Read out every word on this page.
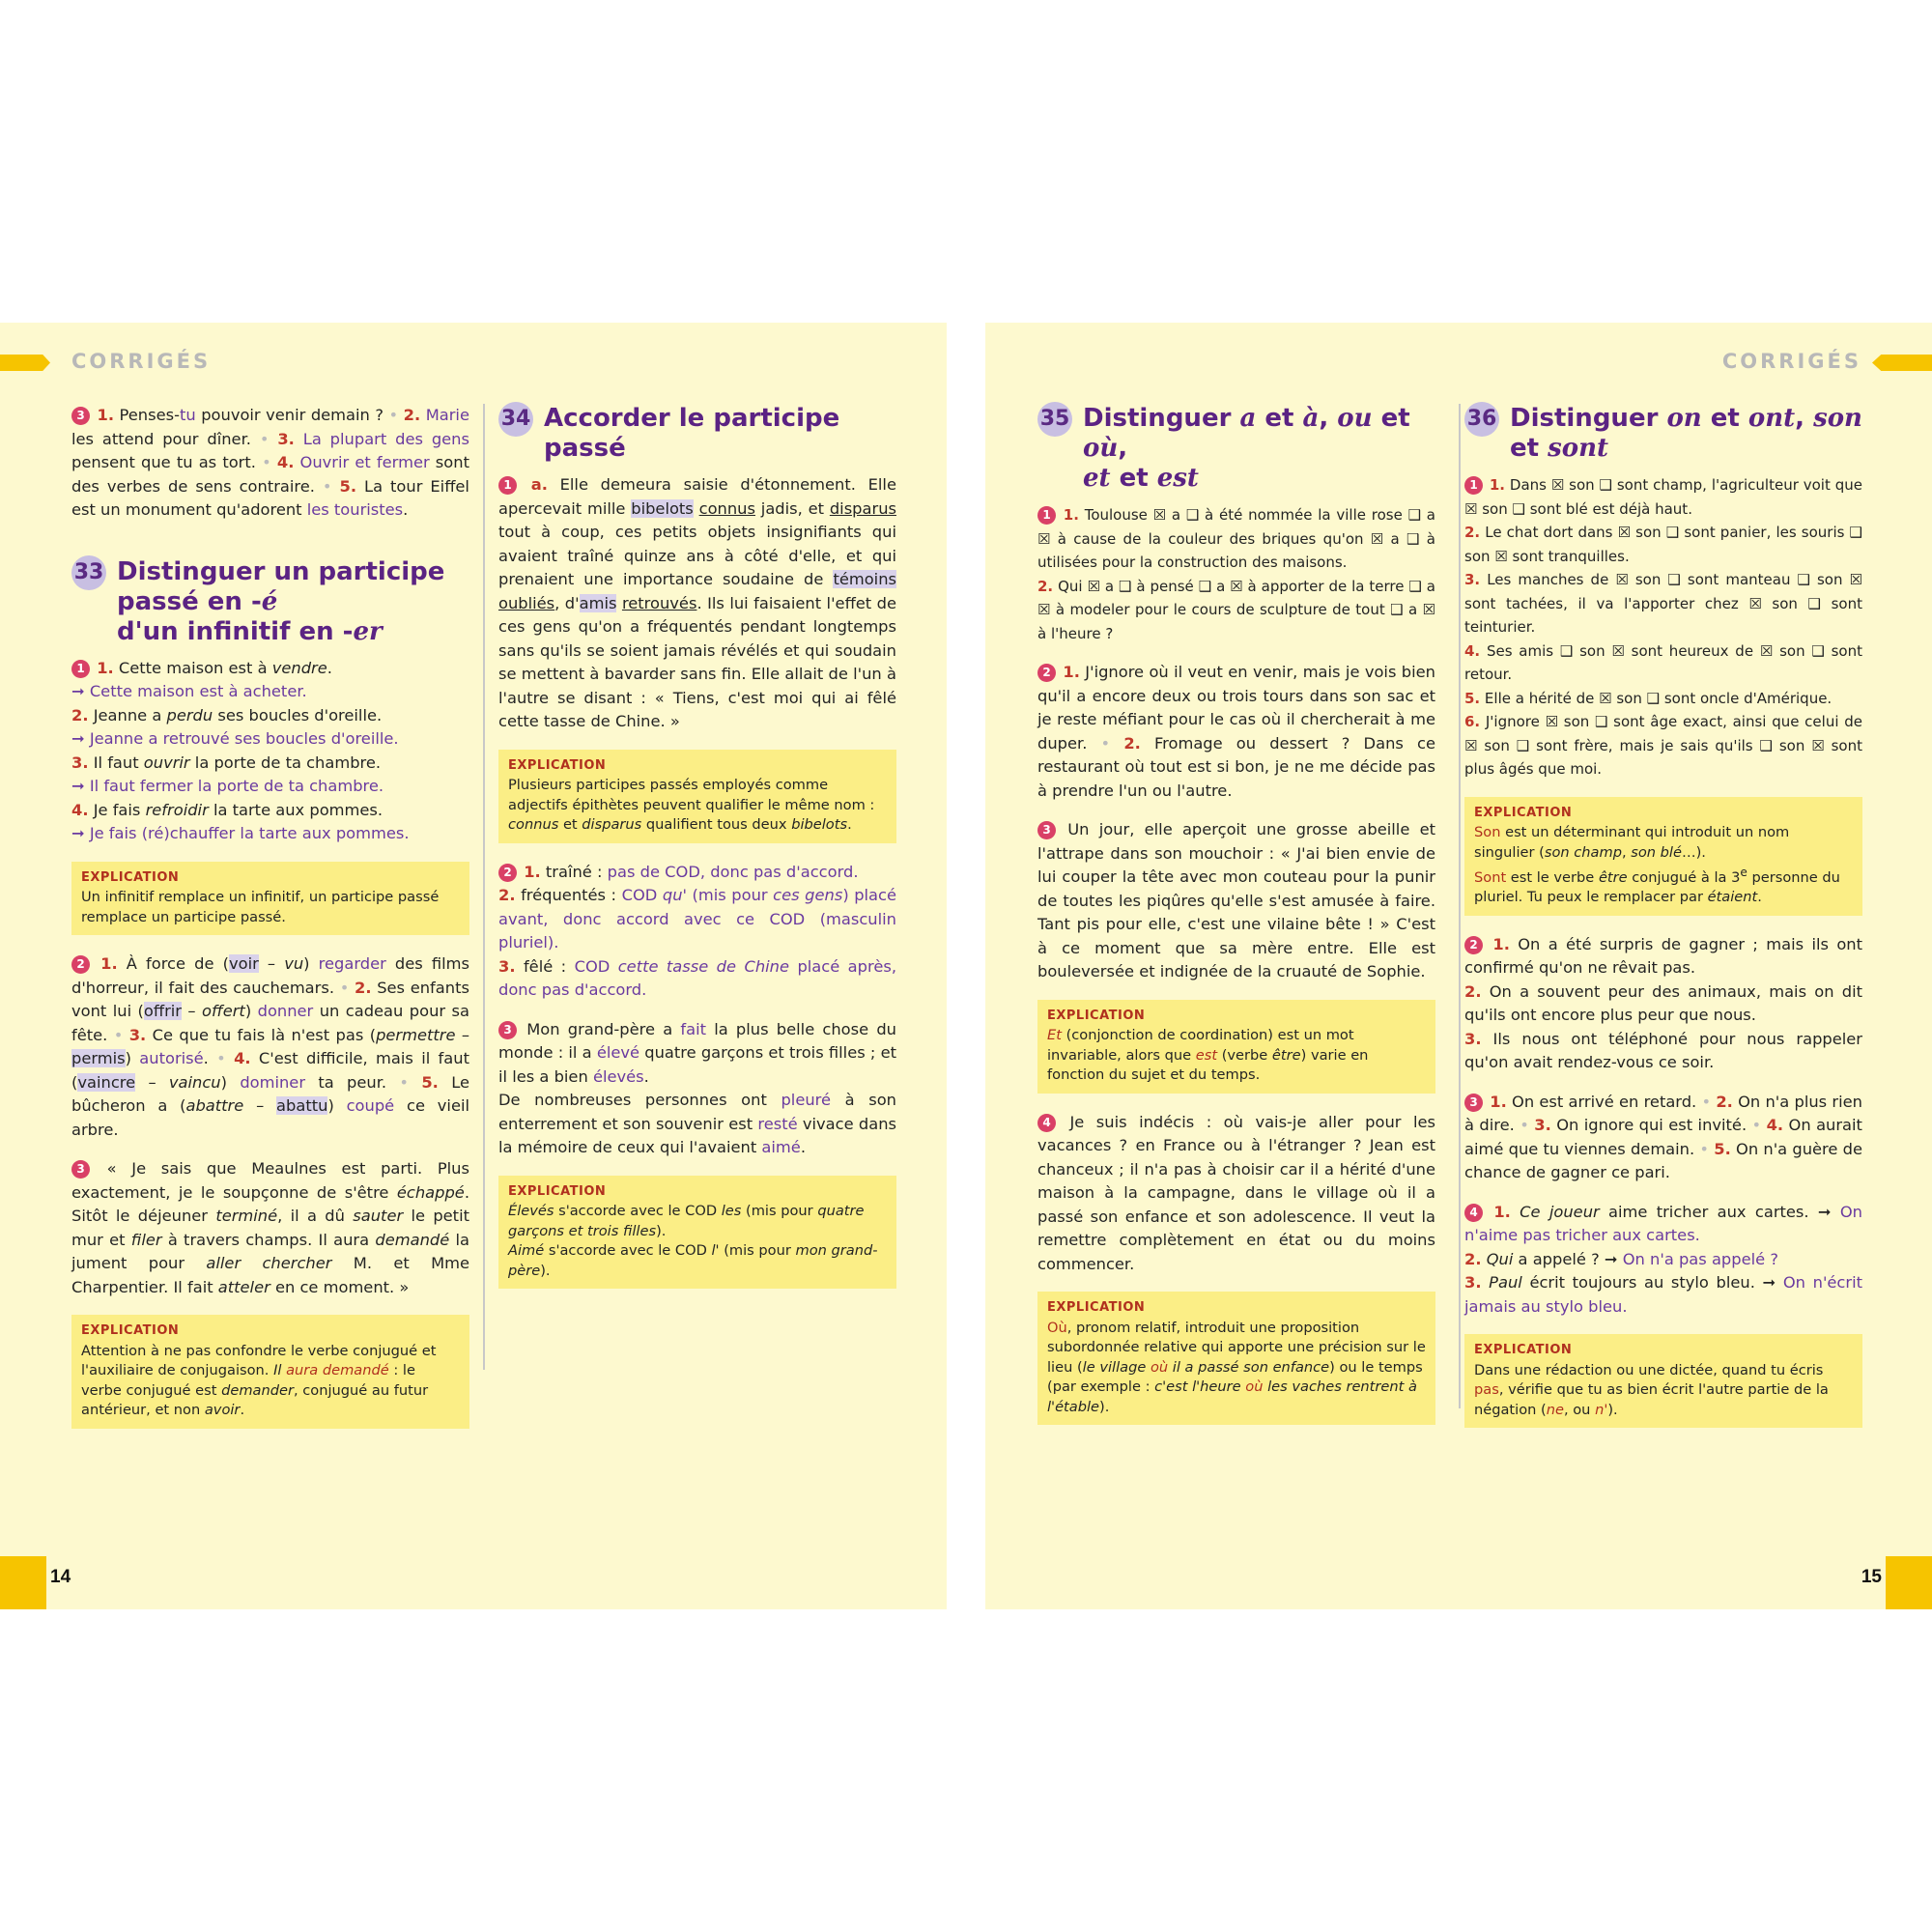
CORRIGÉS

3 1. Penses-tu pouvoir venir demain ? • 2. Marie les attend pour dîner. • 3. La plupart des gens pensent que tu as tort. • 4. Ouvrir et fermer sont des verbes de sens contraire. • 5. La tour Eiffel est un monument qu'adorent les touristes.

33 Distinguer un participe
passé en -é
d'un infinitif en -er

1 1. Cette maison est à vendre.
➞ Cette maison est à acheter.
2. Jeanne a perdu ses boucles d'oreille.
➞ Jeanne a retrouvé ses boucles d'oreille.
3. Il faut ouvrir la porte de ta chambre.
➞ Il faut fermer la porte de ta chambre.
4. Je fais refroidir la tarte aux pommes.
➞ Je fais (ré)chauffer la tarte aux pommes.

EXPLICATION
Un infinitif remplace un infinitif, un participe passé remplace un participe passé.

2 1. À force de (voir – vu) regarder des films d'horreur, il fait des cauchemars. • 2. Ses enfants vont lui (offrir – offert) donner un cadeau pour sa fête. • 3. Ce que tu fais là n'est pas (permettre – permis) autorisé. • 4. C'est difficile, mais il faut (vaincre – vaincu) dominer ta peur. • 5. Le bûcheron a (abattre – abattu) coupé ce vieil arbre.

3 « Je sais que Meaulnes est parti. Plus exactement, je le soupçonne de s'être échappé. Sitôt le déjeuner terminé, il a dû sauter le petit mur et filer à travers champs. Il aura demandé la jument pour aller chercher M. et Mme Charpentier. Il fait atteler en ce moment. »

EXPLICATION
Attention à ne pas confondre le verbe conjugué et l'auxiliaire de conjugaison. Il aura demandé : le verbe conjugué est demander, conjugué au futur antérieur, et non avoir.
34 Accorder le participe passé

1 a. Elle demeura saisie d'étonnement. Elle apercevait mille bibelots connus jadis, et disparus tout à coup, ces petits objets insignifiants qui avaient traîné quinze ans à côté d'elle, et qui prenaient une importance soudaine de témoins oubliés, d'amis retrouvés. Ils lui faisaient l'effet de ces gens qu'on a fréquentés pendant longtemps sans qu'ils se soient jamais révélés et qui soudain se mettent à bavarder sans fin. Elle allait de l'un à l'autre se disant : « Tiens, c'est moi qui ai fêlé cette tasse de Chine. »

EXPLICATION
Plusieurs participes passés employés comme adjectifs épithètes peuvent qualifier le même nom : connus et disparus qualifient tous deux bibelots.

2 1. traîné : pas de COD, donc pas d'accord.
2. fréquentés : COD qu' (mis pour ces gens) placé avant, donc accord avec ce COD (masculin pluriel).
3. fêlé : COD cette tasse de Chine placé après, donc pas d'accord.

3 Mon grand-père a fait la plus belle chose du monde : il a élevé quatre garçons et trois filles ; et il les a bien élevés.
De nombreuses personnes ont pleuré à son enterrement et son souvenir est resté vivace dans la mémoire de ceux qui l'avaient aimé.

EXPLICATION
Élevés s'accorde avec le COD les (mis pour quatre garçons et trois filles).
Aimé s'accorde avec le COD l' (mis pour mon grand-père).
14
CORRIGÉS
35 Distinguer a et à, ou et où,
et et est

1 1. Toulouse ☒ a ❑ à été nommée la ville rose ❑ a ☒ à cause de la couleur des briques qu'on ☒ a ❑ à utilisées pour la construction des maisons.
2. Qui ☒ a ❑ à pensé ❑ a ☒ à apporter de la terre ❑ a ☒ à modeler pour le cours de sculpture de tout ❑ a ☒ à l'heure ?

2 1. J'ignore où il veut en venir, mais je vois bien qu'il a encore deux ou trois tours dans son sac et je reste méfiant pour le cas où il chercherait à me duper. • 2. Fromage ou dessert ? Dans ce restaurant où tout est si bon, je ne me décide pas à prendre l'un ou l'autre.

3 Un jour, elle aperçoit une grosse abeille et l'attrape dans son mouchoir : « J'ai bien envie de lui couper la tête avec mon couteau pour la punir de toutes les piqûres qu'elle s'est amusée à faire. Tant pis pour elle, c'est une vilaine bête ! » C'est à ce moment que sa mère entre. Elle est bouleversée et indignée de la cruauté de Sophie.

EXPLICATION
Et (conjonction de coordination) est un mot invariable, alors que est (verbe être) varie en fonction du sujet et du temps.

4 Je suis indécis : où vais-je aller pour les vacances ? en France ou à l'étranger ? Jean est chanceux ; il n'a pas à choisir car il a hérité d'une maison à la campagne, dans le village où il a passé son enfance et son adolescence. Il veut la remettre complètement en état ou du moins commencer.

EXPLICATION
Où, pronom relatif, introduit une proposition subordonnée relative qui apporte une précision sur le lieu (le village où il a passé son enfance) ou le temps (par exemple : c'est l'heure où les vaches rentrent à l'étable).
36 Distinguer on et ont, son
et sont

1 1. Dans ☒ son ❑ sont champ, l'agriculteur voit que ☒ son ❑ sont blé est déjà haut.
2. Le chat dort dans ☒ son ❑ sont panier, les souris ❑ son ☒ sont tranquilles.
3. Les manches de ☒ son ❑ sont manteau ❑ son ☒ sont tachées, il va l'apporter chez ☒ son ❑ sont teinturier.
4. Ses amis ❑ son ☒ sont heureux de ☒ son ❑ sont retour.
5. Elle a hérité de ☒ son ❑ sont oncle d'Amérique.
6. J'ignore ☒ son ❑ sont âge exact, ainsi que celui de ☒ son ❑ sont frère, mais je sais qu'ils ❑ son ☒ sont plus âgés que moi.

EXPLICATION
Son est un déterminant qui introduit un nom singulier (son champ, son blé…).
Sont est le verbe être conjugué à la 3e personne du pluriel. Tu peux le remplacer par étaient.

2 1. On a été surpris de gagner ; mais ils ont confirmé qu'on ne rêvait pas.
2. On a souvent peur des animaux, mais on dit qu'ils ont encore plus peur que nous.
3. Ils nous ont téléphoné pour nous rappeler qu'on avait rendez-vous ce soir.

3 1. On est arrivé en retard. • 2. On n'a plus rien à dire. • 3. On ignore qui est invité. • 4. On aurait aimé que tu viennes demain. • 5. On n'a guère de chance de gagner ce pari.

4 1. Ce joueur aime tricher aux cartes. ➞ On n'aime pas tricher aux cartes.
2. Qui a appelé ? ➞ On n'a pas appelé ?
3. Paul écrit toujours au stylo bleu. ➞ On n'écrit jamais au stylo bleu.

EXPLICATION
Dans une rédaction ou une dictée, quand tu écris pas, vérifie que tu as bien écrit l'autre partie de la négation (ne, ou n').
15
